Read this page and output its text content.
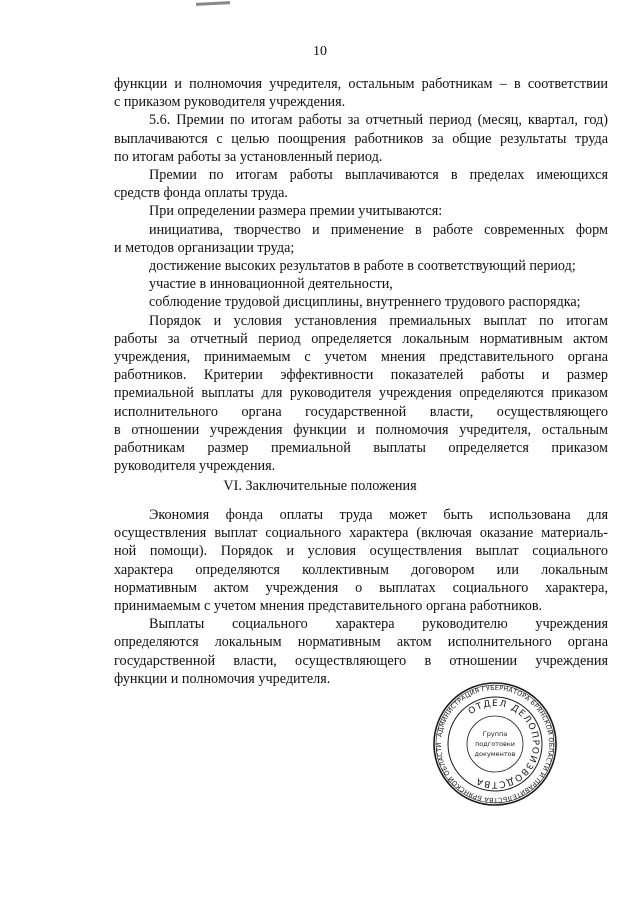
10
функции и полномочия учредителя, остальным работникам – в соответствии
с приказом руководителя учреждения.
5.6. Премии по итогам работы за отчетный период (месяц, квартал, год)
выплачиваются с целью поощрения работников за общие результаты труда
по итогам работы за установленный период.
Премии по итогам работы выплачиваются в пределах имеющихся
средств фонда оплаты труда.
При определении размера премии учитываются:
инициатива, творчество и применение в работе современных форм
и методов организации труда;
достижение высоких результатов в работе в соответствующий период;
участие в инновационной деятельности,
соблюдение трудовой дисциплины, внутреннего трудового распорядка;
Порядок и условия установления премиальных выплат по итогам
работы за отчетный период определяется локальным нормативным актом
учреждения, принимаемым с учетом мнения представительного органа
работников. Критерии эффективности показателей работы и размер
премиальной выплаты для руководителя учреждения определяются приказом
исполнительного органа государственной власти, осуществляющего
в отношении учреждения функции и полномочия учредителя, остальным
работникам размер премиальной выплаты определяется приказом
руководителя учреждения.
VI. Заключительные положения
Экономия фонда оплаты труда может быть использована для
осуществления выплат социального характера (включая оказание материаль-
ной помощи). Порядок и условия осуществления выплат социального
характера определяются коллективным договором или локальным
нормативным актом учреждения о выплатах социального характера,
принимаемым с учетом мнения представительного органа работников.
Выплаты социального характера руководителю учреждения
определяются локальным нормативным актом исполнительного органа
государственной власти, осуществляющего в отношении учреждения
функции и полномочия учредителя.
АДМИНИСТРАЦИЯ ГУБЕРНАТОРА БРЯНСКОЙ ОБЛАСТИ И ПРАВИТЕЛЬСТВА БРЯНСКОЙ ОБЛАСТИ
ОТДЕЛ ДЕЛОПРОИЗВОДСТВА
Группа
подготовки
документов
